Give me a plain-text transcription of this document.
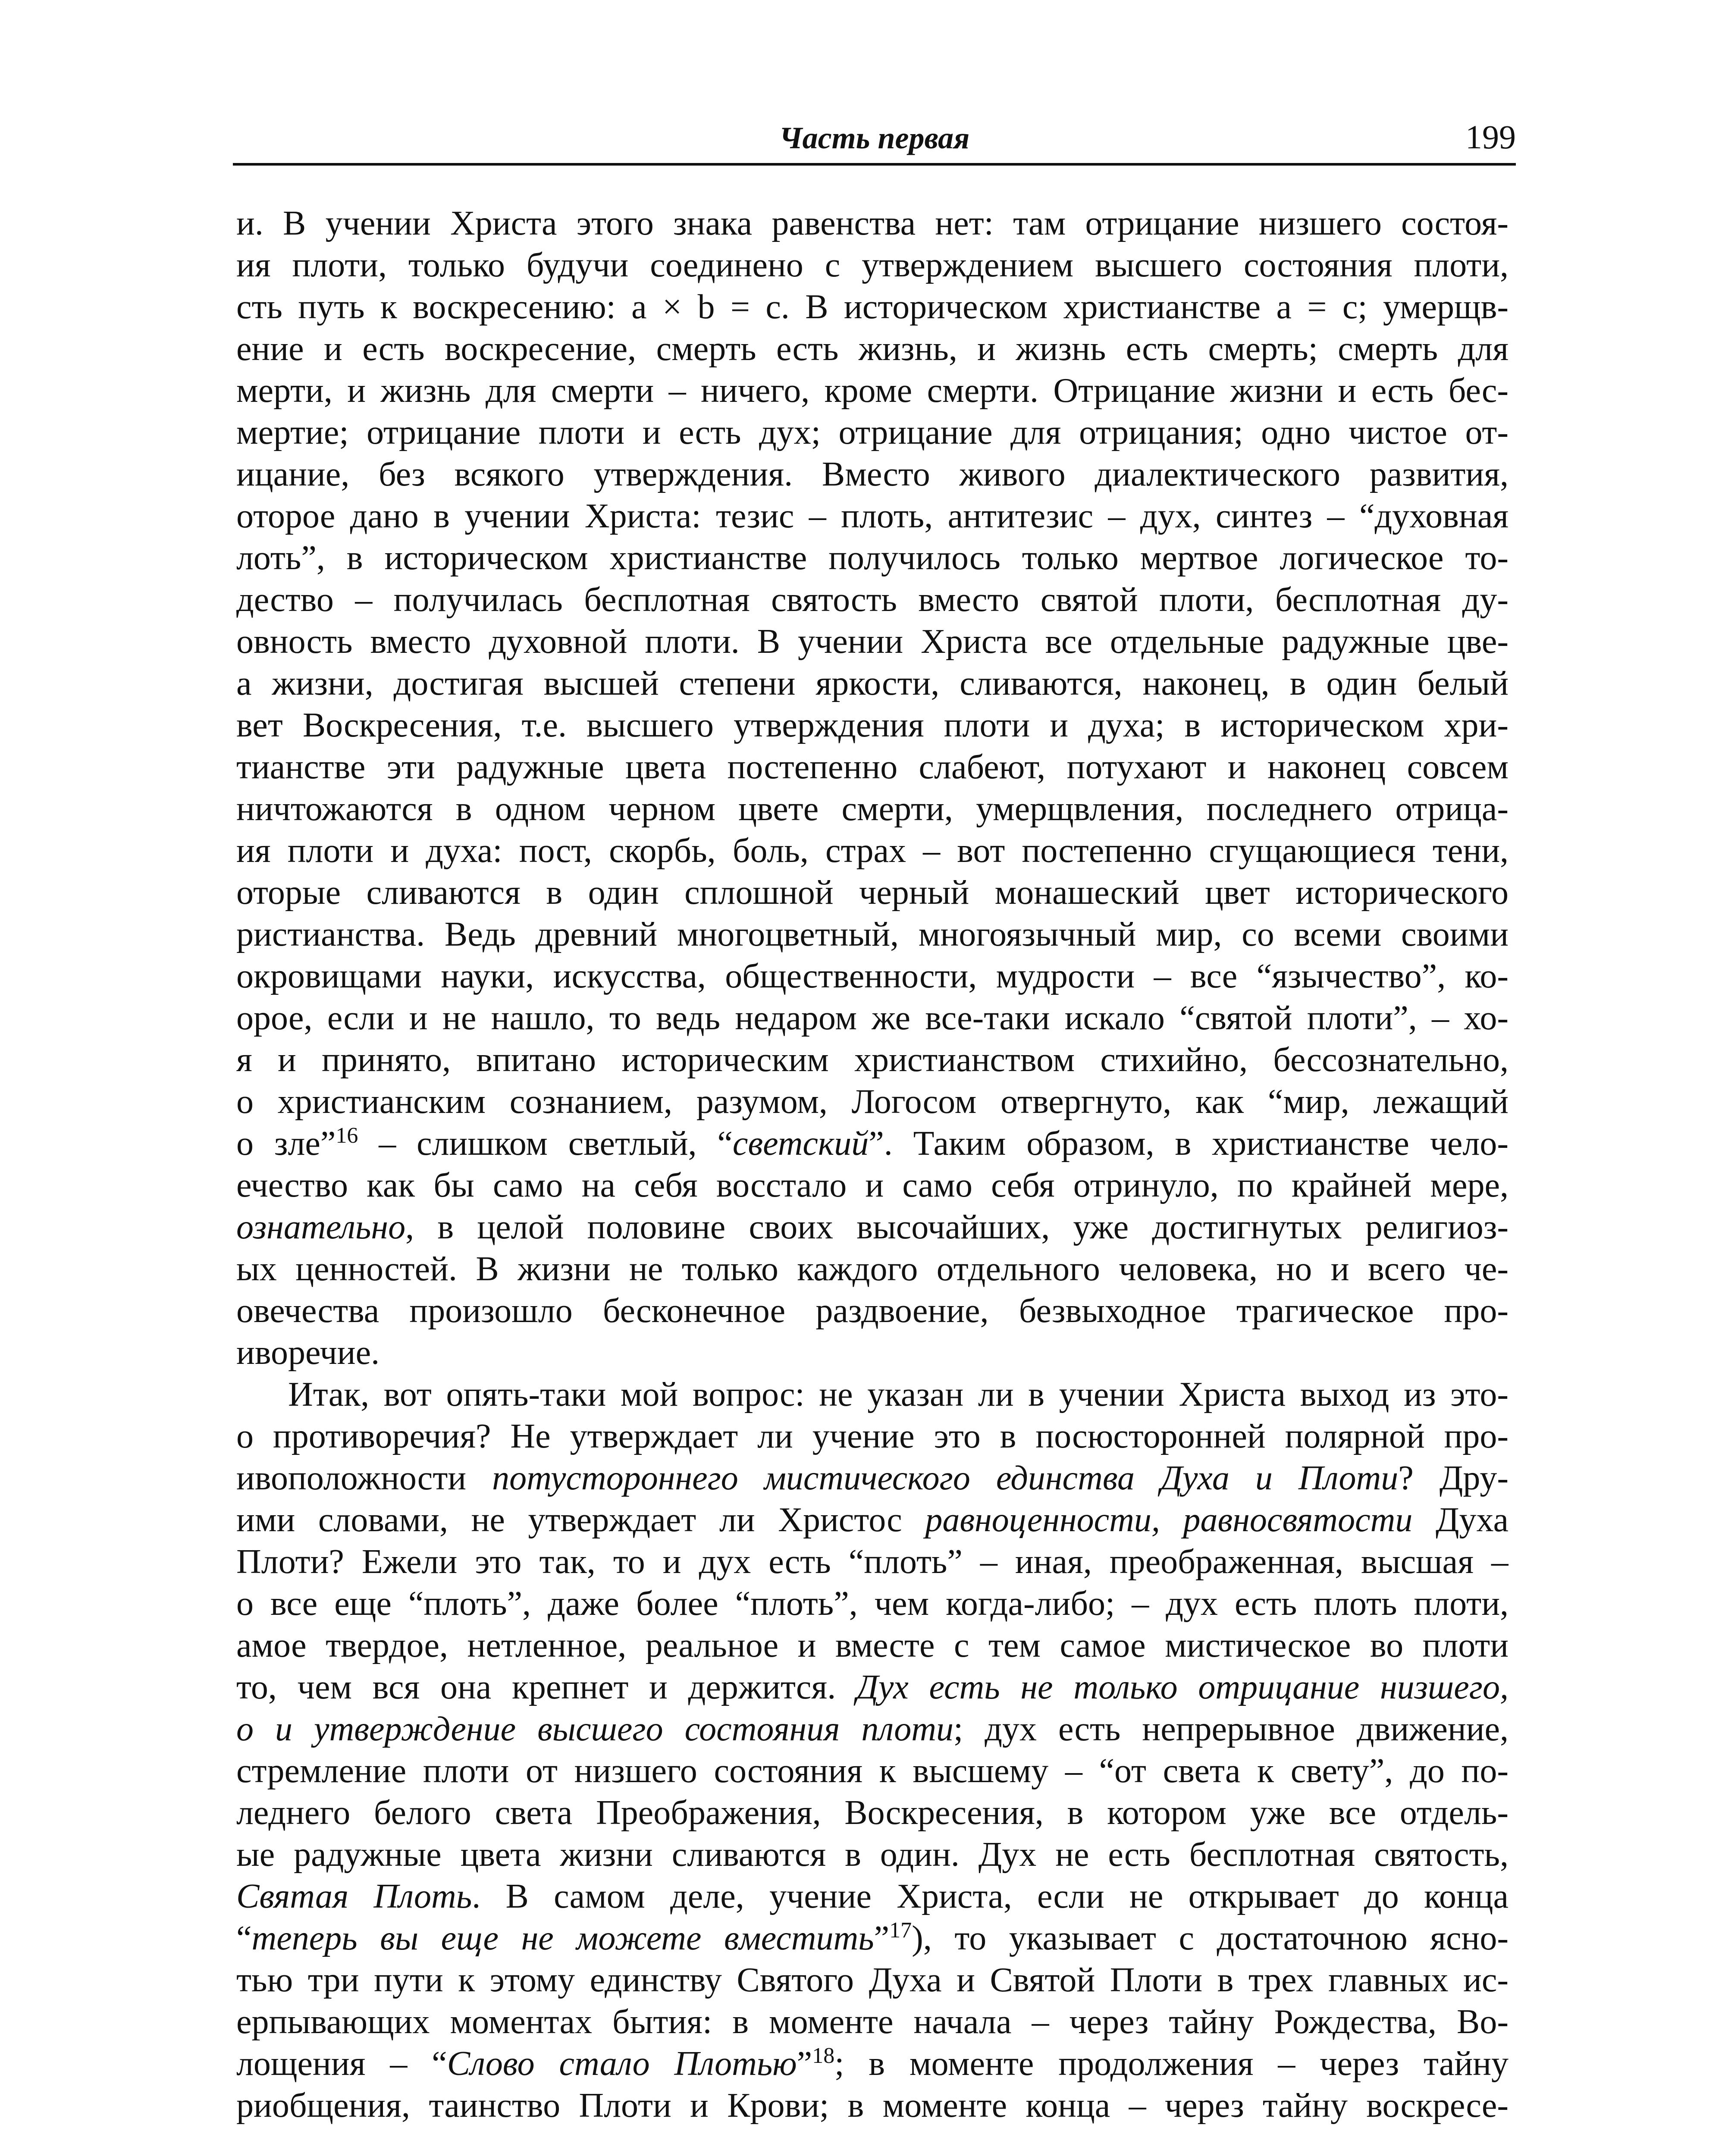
Часть первая	199
и. В учении Христа этого знака равенства нет: там отрицание низшего состоя-
ия плоти, только будучи соединено с утверждением высшего состояния плоти,
сть путь к воскресению: a × b = c. В историческом христианстве a = c; умерщв-
ение и есть воскресение, смерть есть жизнь, и жизнь есть смерть; смерть для
мерти, и жизнь для смерти – ничего, кроме смерти. Отрицание жизни и есть бес-
мертие; отрицание плоти и есть дух; отрицание для отрицания; одно чистое от-
ицание, без всякого утверждения. Вместо живого диалектического развития,
оторое дано в учении Христа: тезис – плоть, антитезис – дух, синтез – “духовная
лоть”, в историческом христианстве получилось только мертвое логическое то-
дество – получилась бесплотная святость вместо святой плоти, бесплотная ду-
овность вместо духовной плоти. В учении Христа все отдельные радужные цве-
а жизни, достигая высшей степени яркости, сливаются, наконец, в один белый
вет Воскресения, т.е. высшего утверждения плоти и духа; в историческом хри-
тианстве эти радужные цвета постепенно слабеют, потухают и наконец совсем
ничтожаются в одном черном цвете смерти, умерщвления, последнего отрица-
ия плоти и духа: пост, скорбь, боль, страх – вот постепенно сгущающиеся тени,
оторые сливаются в один сплошной черный монашеский цвет исторического
ристианства. Ведь древний многоцветный, многоязычный мир, со всеми своими
окровищами науки, искусства, общественности, мудрости – все “язычество”, ко-
орое, если и не нашло, то ведь недаром же все-таки искало “святой плоти”, – хо-
я и принято, впитано историческим христианством стихийно, бессознательно,
о христианским сознанием, разумом, Логосом отвергнуто, как “мир, лежащий
о зле”$^{16}$ – слишком светлый, “светский”. Таким образом, в христианстве чело-
ечество как бы само на себя восстало и само себя отринуло, по крайней мере,
ознательно, в целой половине своих высочайших, уже достигнутых религиоз-
ых ценностей. В жизни не только каждого отдельного человека, но и всего че-
овечества произошло бесконечное раздвоение, безвыходное трагическое про-
иворечие.
Итак, вот опять-таки мой вопрос: не указан ли в учении Христа выход из это-
о противоречия? Не утверждает ли учение это в посюсторонней полярной про-
ивоположности потустороннего мистического единства Духа и Плоти? Дру-
ими словами, не утверждает ли Христос равноценности, равносвятости Духа
Плоти? Ежели это так, то и дух есть “плоть” – иная, преображенная, высшая –
о все еще “плоть”, даже более “плоть”, чем когда-либо; – дух есть плоть плоти,
амое твердое, нетленное, реальное и вместе с тем самое мистическое во плоти
то, чем вся она крепнет и держится. Дух есть не только отрицание низшего,
о и утверждение высшего состояния плоти; дух есть непрерывное движение,
стремление плоти от низшего состояния к высшему – “от света к свету”, до по-
леднего белого света Преображения, Воскресения, в котором уже все отдель-
ые радужные цвета жизни сливаются в один. Дух не есть бесплотная святость,
Святая Плоть. В самом деле, учение Христа, если не открывает до конца
“теперь вы еще не можете вместить”$^{17}$), то указывает с достаточною ясно-
тью три пути к этому единству Святого Духа и Святой Плоти в трех главных ис-
ерпывающих моментах бытия: в моменте начала – через тайну Рождества, Во-
лощения – “Слово стало Плотью”$^{18}$; в моменте продолжения – через тайну
риобщения, таинство Плоти и Крови; в моменте конца – через тайну воскресе-
